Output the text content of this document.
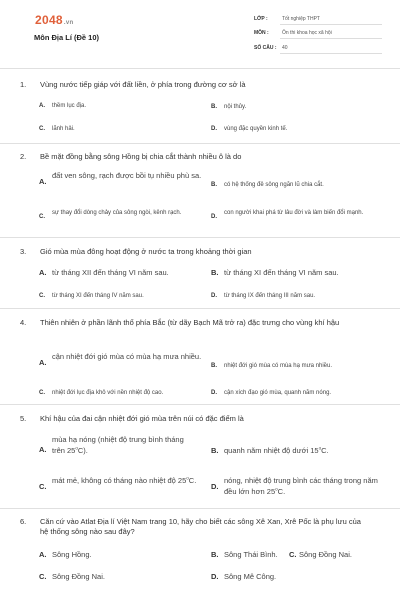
2048.vn
Môn Địa Lí (Đề 10)
LỚP :	Tốt nghiệp THPT
MÔN :	Ôn thi khoa học xã hội
SỐ CÂU : 40
1. Vùng nước tiếp giáp với đất liền, ở phía trong đường cơ sở là
A. thềm lục địa.	B. nội thủy.
C. lãnh hải.	D. vùng đặc quyền kinh tế.
2. Bề mặt đồng bằng sông Hồng bị chia cắt thành nhiều ô là do
A.
đất ven sông, rạch được bồi tụ nhiều phù sa.
B. có hệ thống đê sông ngăn lũ chia cắt.
C.
sự thay đổi dòng chảy của sông ngòi, kênh rạch.
D.
con người khai phá từ lâu đời và làm biến đổi mạnh.
3. Gió mùa mùa đông hoạt động ở nước ta trong khoảng thời gian
A. từ tháng XII đến tháng VI năm sau.	B. từ tháng XI đến tháng VI năm sau.
C. từ tháng XI đến tháng IV năm sau.	D. từ tháng IX đến tháng III năm sau.
4. Thiên nhiên ở phần lãnh thổ phía Bắc (từ dãy Bạch Mã trở ra) đặc trưng cho vùng khí hậu
A.
cận nhiệt đới gió mùa có mùa hạ mưa nhiều.
B. nhiệt đới gió mùa có mùa hạ mưa nhiều.
C. nhiệt đới lục địa khô với nền nhiệt độ cao.	D. cận xích đạo gió mùa, quanh năm nóng.
5. Khí hậu của đai cận nhiệt đới gió mùa trên núi có đặc điểm là
A.
mùa hạ nóng (nhiệt độ trung bình tháng trên 25$^o$C).	B. quanh năm nhiệt độ dưới 15$^o$C.
C.
mát mẻ, không có tháng nào nhiệt độ 25$^o$C.
D.
nóng, nhiệt độ trung bình các tháng trong năm đều lớn hơn 25$^o$C.
6. Căn cứ vào Atlat Địa lí Việt Nam trang 10, hãy cho biết các sông Xê Xan, Xrê Pốc là phụ lưu của hệ thống sông nào sau đây?
A. Sông Hồng.	B. Sông Thái Bình.	C. Sông Đồng Nai.
C. Sông Đồng Nai.	D. Sông Mê Công.
